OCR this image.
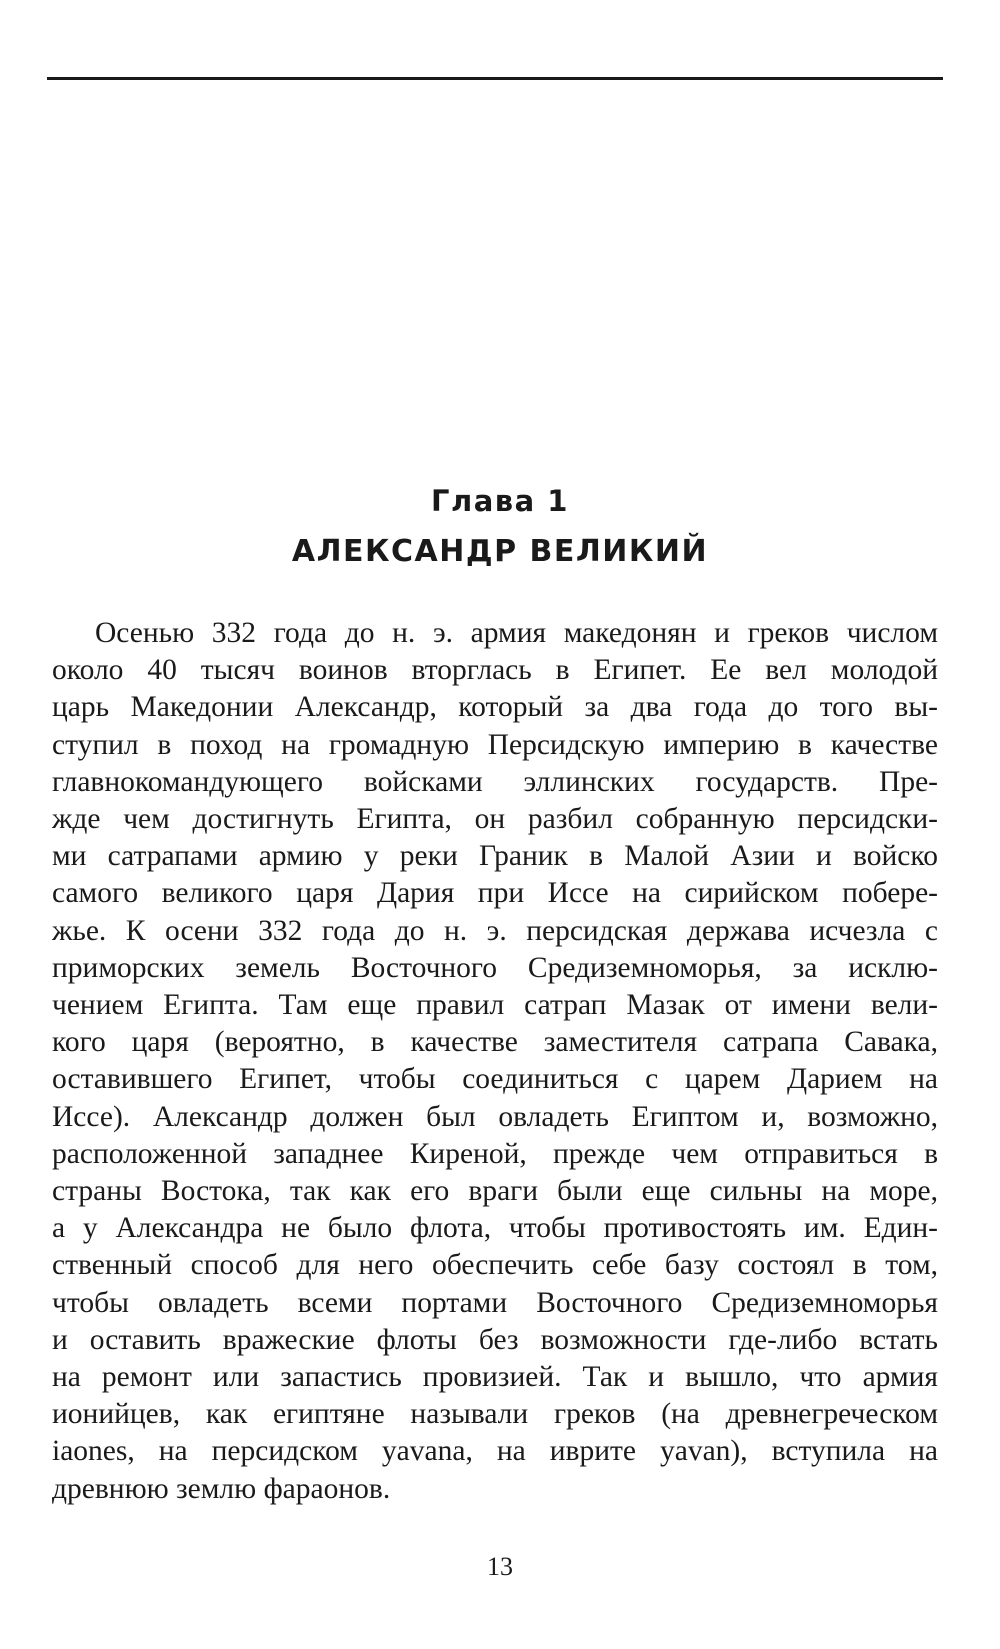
Глава 1
АЛЕКСАНДР ВЕЛИКИЙ
Осенью 332 года до н. э. армия македонян и греков числом
около 40 тысяч воинов вторглась в Египет. Ее вел молодой
царь Македонии Александр, который за два года до того вы-
ступил в поход на громадную Персидскую империю в качестве
главнокомандующего войсками эллинских государств. Пре-
жде чем достигнуть Египта, он разбил собранную персидски-
ми сатрапами армию у реки Граник в Малой Азии и войско
самого великого царя Дария при Иссе на сирийском побере-
жье. К осени 332 года до н. э. персидская держава исчезла с
приморских земель Восточного Средиземноморья, за исклю-
чением Египта. Там еще правил сатрап Мазак от имени вели-
кого царя (вероятно, в качестве заместителя сатрапа Савака,
оставившего Египет, чтобы соединиться с царем Дарием на
Иссе). Александр должен был овладеть Египтом и, возможно,
расположенной западнее Киреной, прежде чем отправиться в
страны Востока, так как его враги были еще сильны на море,
а у Александра не было флота, чтобы противостоять им. Един-
ственный способ для него обеспечить себе базу состоял в том,
чтобы овладеть всеми портами Восточного Средиземноморья
и оставить вражеские флоты без возможности где-либо встать
на ремонт или запастись провизией. Так и вышло, что армия
ионийцев, как египтяне называли греков (на древнегреческом
iaones, на персидском yavana, на иврите yavan), вступила на
древнюю землю фараонов.
13
